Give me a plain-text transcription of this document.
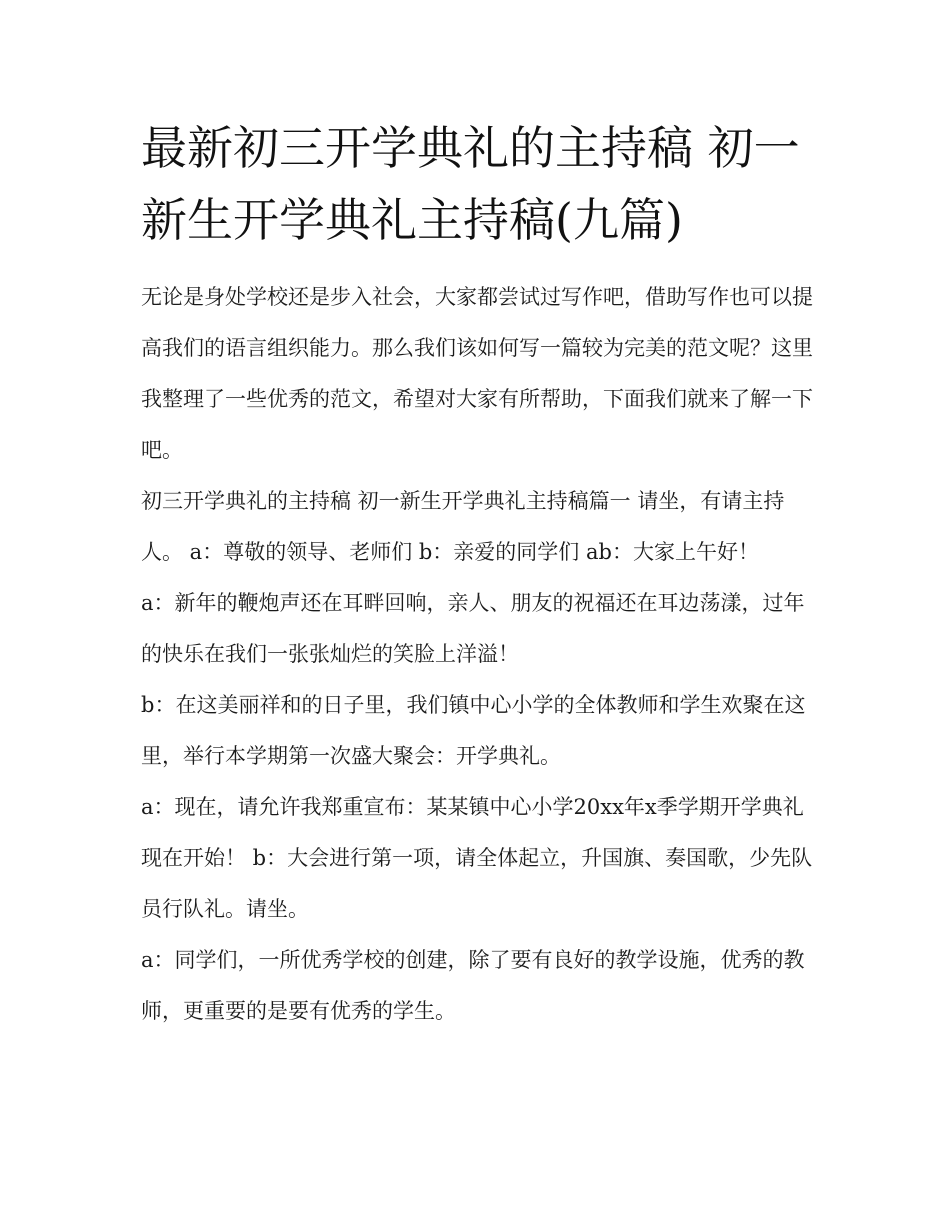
最新初三开学典礼的主持稿 初一新生开学典礼主持稿(九篇)

无论是身处学校还是步入社会，大家都尝试过写作吧，借助写作也可以提高我们的语言组织能力。那么我们该如何写一篇较为完美的范文呢？这里我整理了一些优秀的范文，希望对大家有所帮助，下面我们就来了解一下吧。

初三开学典礼的主持稿 初一新生开学典礼主持稿篇一 请坐，有请主持人。 a：尊敬的领导、老师们 b：亲爱的同学们 ab：大家上午好！

a：新年的鞭炮声还在耳畔回响，亲人、朋友的祝福还在耳边荡漾，过年的快乐在我们一张张灿烂的笑脸上洋溢！

b：在这美丽祥和的日子里，我们镇中心小学的全体教师和学生欢聚在这里，举行本学期第一次盛大聚会：开学典礼。

a：现在，请允许我郑重宣布：某某镇中心小学20xx年x季学期开学典礼现在开始！ b：大会进行第一项，请全体起立，升国旗、奏国歌，少先队员行队礼。请坐。

a：同学们，一所优秀学校的创建，除了要有良好的教学设施，优秀的教师，更重要的是要有优秀的学生。
